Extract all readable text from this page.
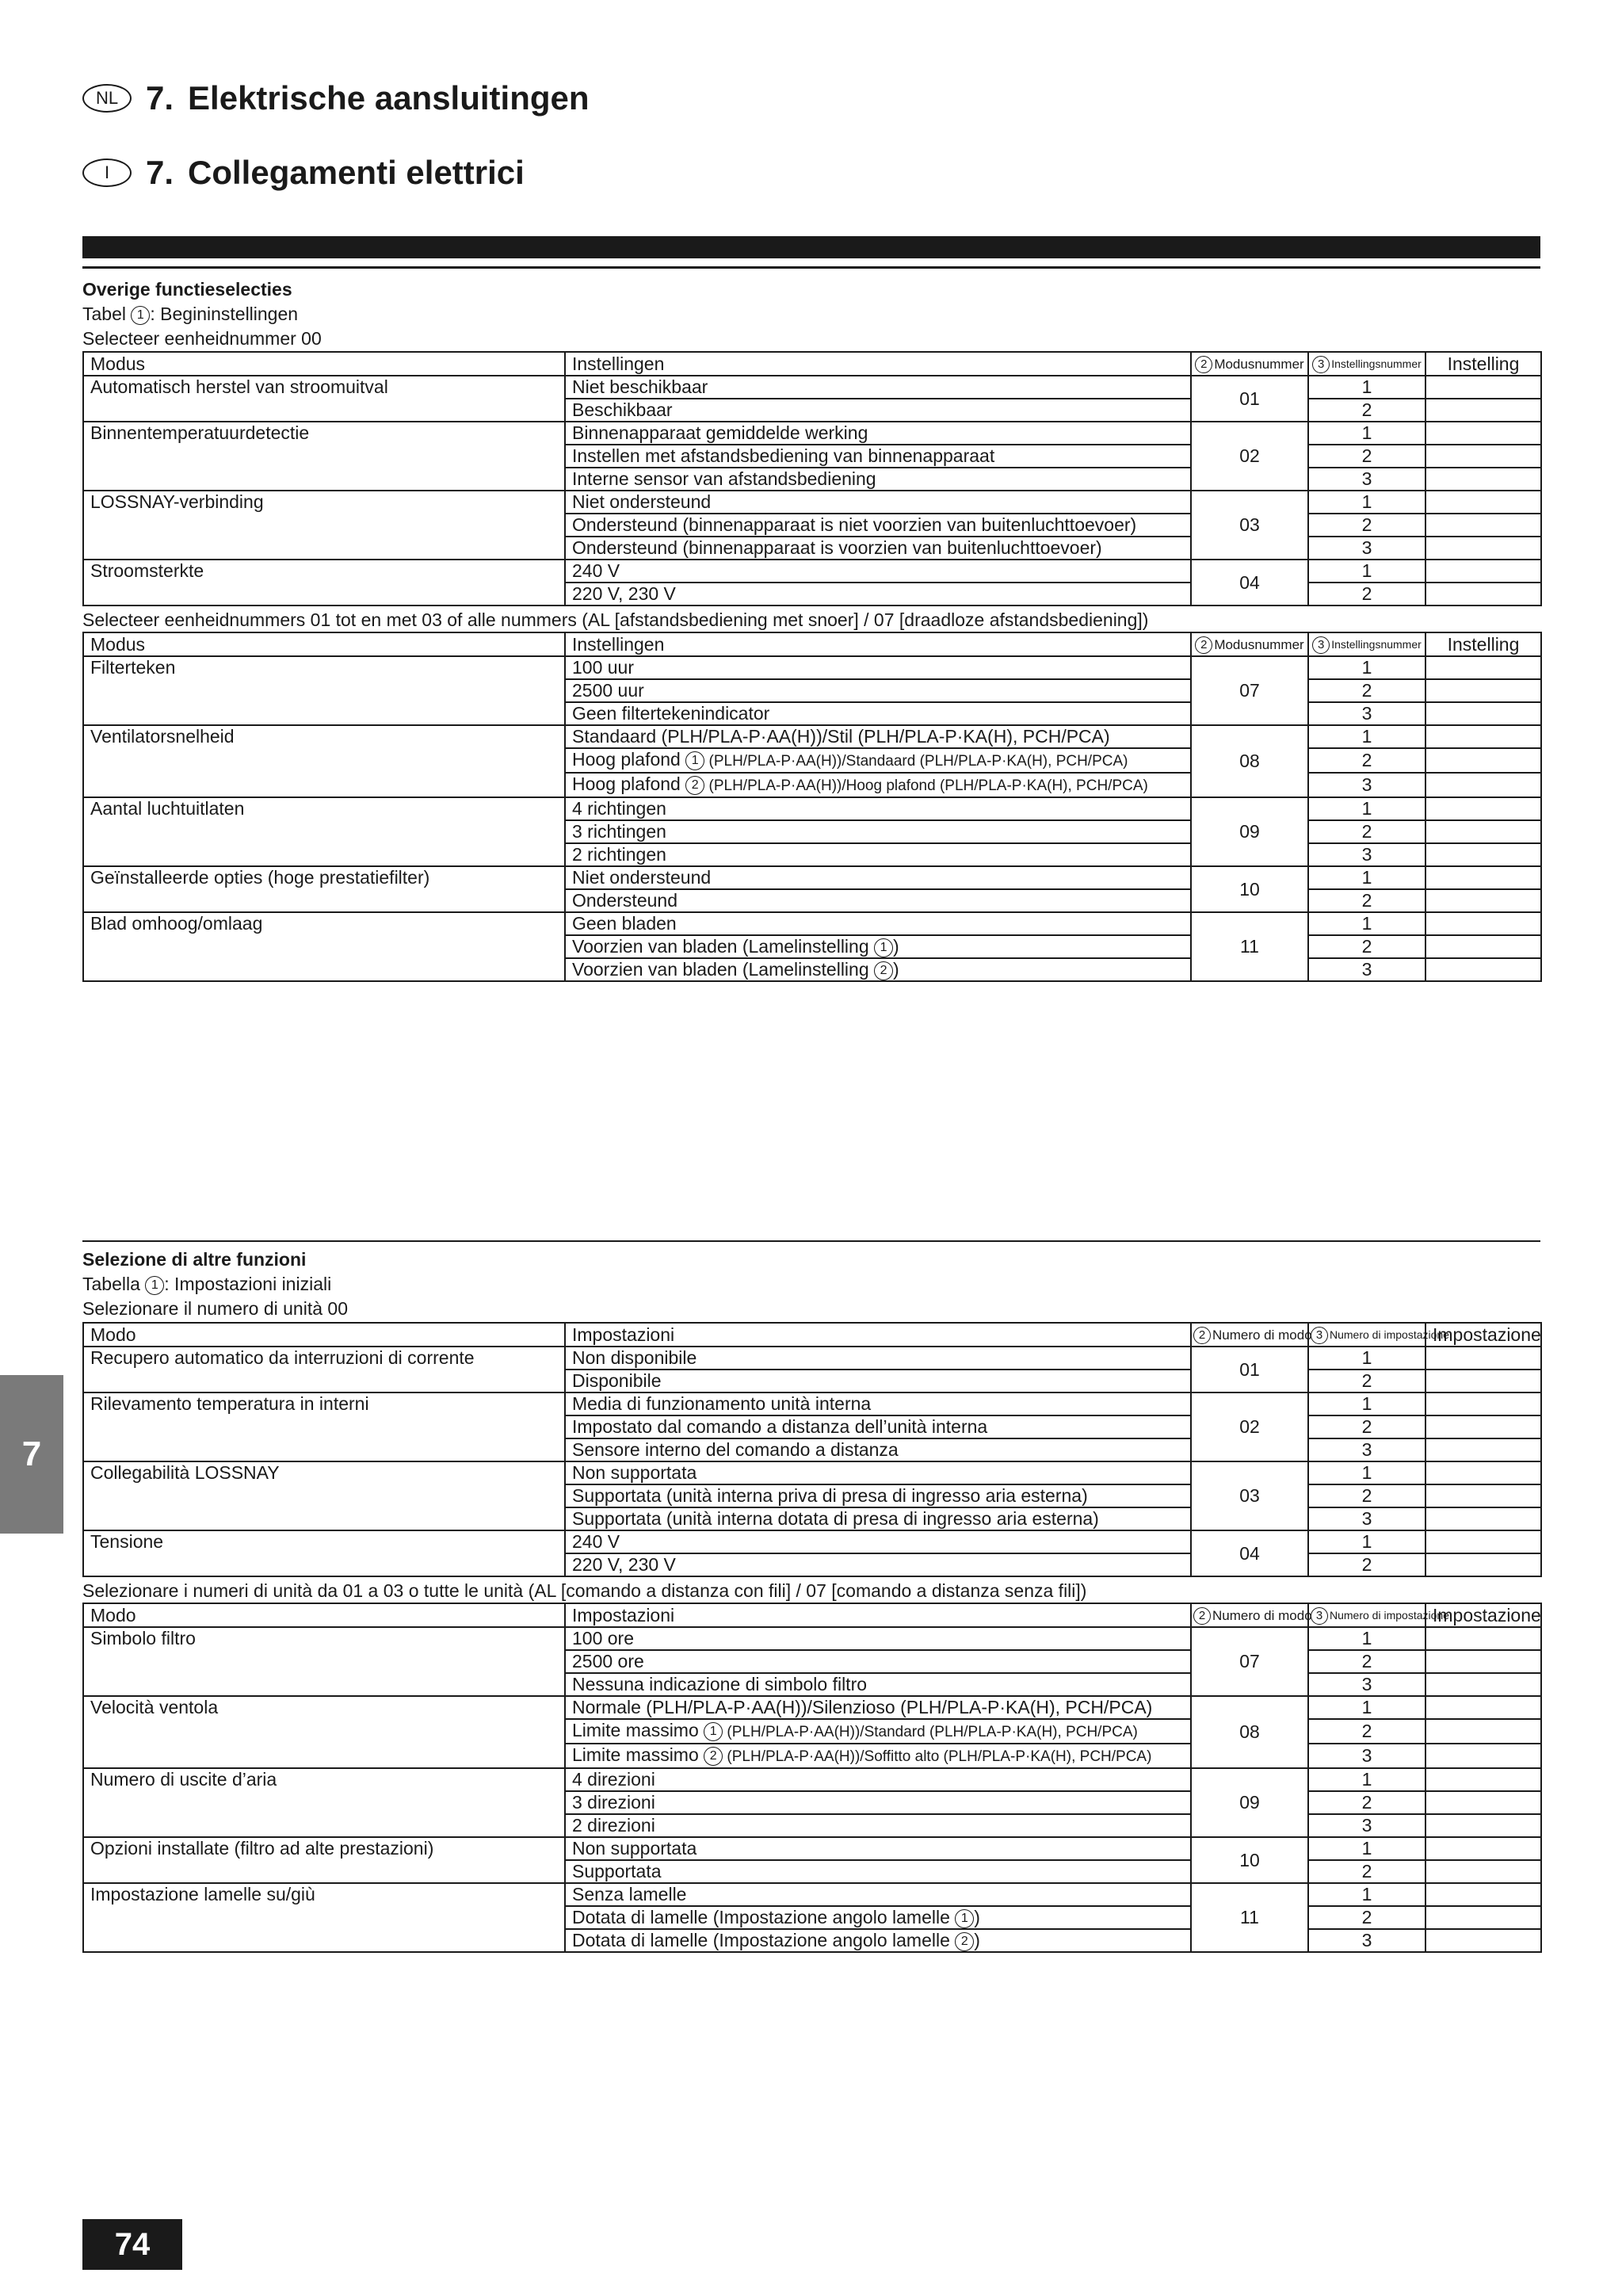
NL 7. Elektrische aansluitingen
I	7. Collegamenti elettrici
Overige functieselecties
Tabel 1 : Begininstellingen
Selecteer eenheidnummer 00
Modus	Instellingen	2 Modusnummer	3 Instellingsnummer	Instelling
Automatisch herstel van stroomuitval	Niet beschikbaar	01	1	
	Beschikbaar		2	
Binnentemperatuurdetectie	Binnenapparaat gemiddelde werking	02	1	
	Instellen met afstandsbediening van binnenapparaat		2	
	Interne sensor van afstandsbediening		3	
LOSSNAY-verbinding	Niet ondersteund	03	1	
	Ondersteund (binnenapparaat is niet voorzien van buitenluchttoevoer)		2	
	Ondersteund (binnenapparaat is voorzien van buitenluchttoevoer)		3	
Stroomsterkte	240 V	04	1	
	220 V, 230 V		2	
Selecteer eenheidnummers 01 tot en met 03 of alle nummers (AL [afstandsbediening met snoer] / 07 [draadloze afstandsbediening])
Modus	Instellingen	2 Modusnummer	3 Instellingsnummer	Instelling
Filterteken	100 uur	07	1	
	2500 uur		2	
	Geen filtertekenindicator		3	
Ventilatorsnelheid	Standaard (PLH/PLA-P·AA(H))/Stil (PLH/PLA-P·KA(H), PCH/PCA)	08	1	
	Hoog plafond 1 (PLH/PLA-P·AA(H))/Standaard (PLH/PLA-P·KA(H), PCH/PCA)		2	
	Hoog plafond 2 (PLH/PLA-P·AA(H))/Hoog plafond (PLH/PLA-P·KA(H), PCH/PCA)		3	
Aantal luchtuitlaten	4 richtingen	09	1	
	3 richtingen		2	
	2 richtingen		3	
Geïnstalleerde opties (hoge prestatiefilter)	Niet ondersteund	10	1	
	Ondersteund		2	
Blad omhoog/omlaag	Geen bladen	11	1	
	Voorzien van bladen (Lamelinstelling 1 )		2	
	Voorzien van bladen (Lamelinstelling 2 )		3	
Selezione di altre funzioni
Tabella 1 : Impostazioni iniziali
Selezionare il numero di unità 00
Modo	Impostazioni	2 Numero di modo	3 Numero di impostazione	Impostazione
Recupero automatico da interruzioni di corrente	Non disponibile	01	1	
	Disponibile		2	
Rilevamento temperatura in interni	Media di funzionamento unità interna	02	1	
	Impostato dal comando a distanza dell’unità interna		2	
	Sensore interno del comando a distanza		3	
Collegabilità LOSSNAY	Non supportata	03	1	
	Supportata (unità interna priva di presa di ingresso aria esterna)		2	
	Supportata (unità interna dotata di presa di ingresso aria esterna)		3	
Tensione	240 V	04	1	
	220 V, 230 V		2	
Selezionare i numeri di unità da 01 a 03 o tutte le unità (AL [comando a distanza con fili] / 07 [comando a distanza senza fili])
Modo	Impostazioni	2 Numero di modo	3 Numero di impostazione	Impostazione
Simbolo filtro	100 ore	07	1	
	2500 ore		2	
	Nessuna indicazione di simbolo filtro		3	
Velocità ventola	Normale (PLH/PLA-P·AA(H))/Silenzioso (PLH/PLA-P·KA(H), PCH/PCA)	08	1	
	Limite massimo 1 (PLH/PLA-P·AA(H))/Standard (PLH/PLA-P·KA(H), PCH/PCA)		2	
	Limite massimo 2 (PLH/PLA-P·AA(H))/Soffitto alto (PLH/PLA-P·KA(H), PCH/PCA)		3	
Numero di uscite d’aria	4 direzioni	09	1	
	3 direzioni		2	
	2 direzioni		3	
Opzioni installate (filtro ad alte prestazioni)	Non supportata	10	1	
	Supportata		2	
Impostazione lamelle su/giù	Senza lamelle	11	1	
	Dotata di lamelle (Impostazione angolo lamelle 1 )		2	
	Dotata di lamelle (Impostazione angolo lamelle 2 )		3	
7
74
